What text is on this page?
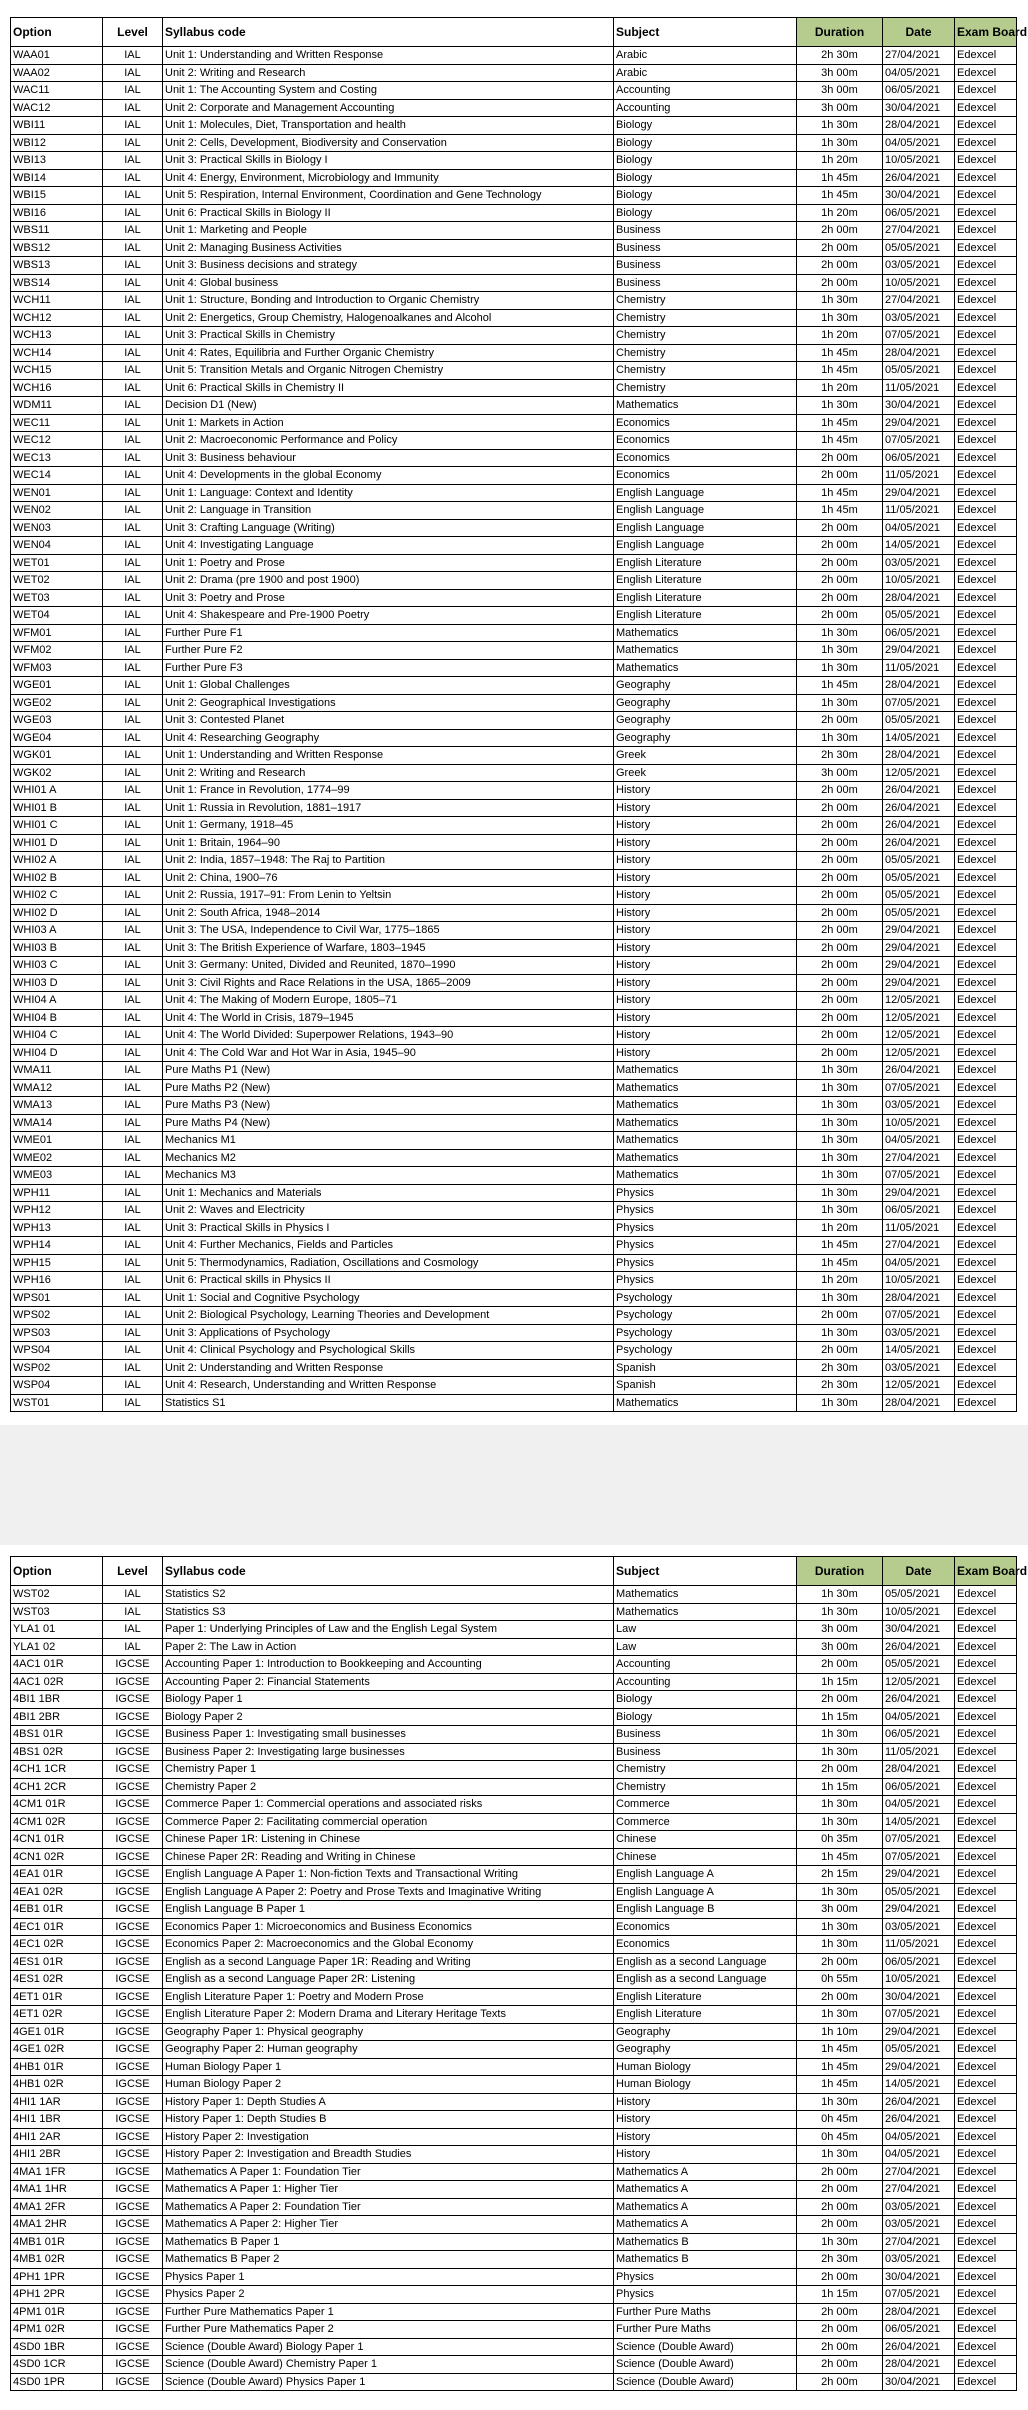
Option	Level	Syllabus code	Subject	Duration	Date	Exam Board
WAA01	IAL	Unit 1: Understanding and Written Response	Arabic	2h 30m	27/04/2021	Edexcel
WAA02	IAL	Unit 2: Writing and Research	Arabic	3h 00m	04/05/2021	Edexcel
WAC11	IAL	Unit 1: The Accounting System and Costing	Accounting	3h 00m	06/05/2021	Edexcel
WAC12	IAL	Unit 2: Corporate and Management Accounting	Accounting	3h 00m	30/04/2021	Edexcel
WBI11	IAL	Unit 1: Molecules, Diet, Transportation and health	Biology	1h 30m	28/04/2021	Edexcel
WBI12	IAL	Unit 2: Cells, Development, Biodiversity and Conservation	Biology	1h 30m	04/05/2021	Edexcel
WBI13	IAL	Unit 3: Practical Skills in Biology I	Biology	1h 20m	10/05/2021	Edexcel
WBI14	IAL	Unit 4: Energy, Environment, Microbiology and Immunity	Biology	1h 45m	26/04/2021	Edexcel
WBI15	IAL	Unit 5: Respiration, Internal Environment, Coordination and Gene Technology	Biology	1h 45m	30/04/2021	Edexcel
WBI16	IAL	Unit 6: Practical Skills in Biology II	Biology	1h 20m	06/05/2021	Edexcel
WBS11	IAL	Unit 1: Marketing and People	Business	2h 00m	27/04/2021	Edexcel
WBS12	IAL	Unit 2: Managing Business Activities	Business	2h 00m	05/05/2021	Edexcel
WBS13	IAL	Unit 3: Business decisions and strategy	Business	2h 00m	03/05/2021	Edexcel
WBS14	IAL	Unit 4: Global business	Business	2h 00m	10/05/2021	Edexcel
WCH11	IAL	Unit 1: Structure, Bonding and Introduction to Organic Chemistry	Chemistry	1h 30m	27/04/2021	Edexcel
WCH12	IAL	Unit 2: Energetics, Group Chemistry, Halogenoalkanes and Alcohol	Chemistry	1h 30m	03/05/2021	Edexcel
WCH13	IAL	Unit 3: Practical Skills in Chemistry	Chemistry	1h 20m	07/05/2021	Edexcel
WCH14	IAL	Unit 4: Rates, Equilibria and Further Organic Chemistry	Chemistry	1h 45m	28/04/2021	Edexcel
WCH15	IAL	Unit 5: Transition Metals and Organic Nitrogen Chemistry	Chemistry	1h 45m	05/05/2021	Edexcel
WCH16	IAL	Unit 6: Practical Skills in Chemistry II	Chemistry	1h 20m	11/05/2021	Edexcel
WDM11	IAL	Decision D1 (New)	Mathematics	1h 30m	30/04/2021	Edexcel
WEC11	IAL	Unit 1: Markets in Action	Economics	1h 45m	29/04/2021	Edexcel
WEC12	IAL	Unit 2: Macroeconomic Performance and Policy	Economics	1h 45m	07/05/2021	Edexcel
WEC13	IAL	Unit 3: Business behaviour	Economics	2h 00m	06/05/2021	Edexcel
WEC14	IAL	Unit 4: Developments in the global Economy	Economics	2h 00m	11/05/2021	Edexcel
WEN01	IAL	Unit 1: Language: Context and Identity	English Language	1h 45m	29/04/2021	Edexcel
WEN02	IAL	Unit 2: Language in Transition	English Language	1h 45m	11/05/2021	Edexcel
WEN03	IAL	Unit 3: Crafting Language (Writing)	English Language	2h 00m	04/05/2021	Edexcel
WEN04	IAL	Unit 4: Investigating Language	English Language	2h 00m	14/05/2021	Edexcel
WET01	IAL	Unit 1: Poetry and Prose	English Literature	2h 00m	03/05/2021	Edexcel
WET02	IAL	Unit 2: Drama (pre 1900 and post 1900)	English Literature	2h 00m	10/05/2021	Edexcel
WET03	IAL	Unit 3: Poetry and Prose	English Literature	2h 00m	28/04/2021	Edexcel
WET04	IAL	Unit 4: Shakespeare and Pre-1900 Poetry	English Literature	2h 00m	05/05/2021	Edexcel
WFM01	IAL	Further Pure F1	Mathematics	1h 30m	06/05/2021	Edexcel
WFM02	IAL	Further Pure F2	Mathematics	1h 30m	29/04/2021	Edexcel
WFM03	IAL	Further Pure F3	Mathematics	1h 30m	11/05/2021	Edexcel
WGE01	IAL	Unit 1: Global Challenges	Geography	1h 45m	28/04/2021	Edexcel
WGE02	IAL	Unit 2: Geographical Investigations	Geography	1h 30m	07/05/2021	Edexcel
WGE03	IAL	Unit 3: Contested Planet	Geography	2h 00m	05/05/2021	Edexcel
WGE04	IAL	Unit 4: Researching Geography	Geography	1h 30m	14/05/2021	Edexcel
WGK01	IAL	Unit 1: Understanding and Written Response	Greek	2h 30m	28/04/2021	Edexcel
WGK02	IAL	Unit 2: Writing and Research	Greek	3h 00m	12/05/2021	Edexcel
WHI01 A	IAL	Unit 1: France in Revolution, 1774–99	History	2h 00m	26/04/2021	Edexcel
WHI01 B	IAL	Unit 1: Russia in Revolution, 1881–1917	History	2h 00m	26/04/2021	Edexcel
WHI01 C	IAL	Unit 1: Germany, 1918–45	History	2h 00m	26/04/2021	Edexcel
WHI01 D	IAL	Unit 1: Britain, 1964–90	History	2h 00m	26/04/2021	Edexcel
WHI02 A	IAL	Unit 2: India, 1857–1948: The Raj to Partition	History	2h 00m	05/05/2021	Edexcel
WHI02 B	IAL	Unit 2: China, 1900–76	History	2h 00m	05/05/2021	Edexcel
WHI02 C	IAL	Unit 2: Russia, 1917–91: From Lenin to Yeltsin	History	2h 00m	05/05/2021	Edexcel
WHI02 D	IAL	Unit 2: South Africa, 1948–2014	History	2h 00m	05/05/2021	Edexcel
WHI03 A	IAL	Unit 3: The USA, Independence to Civil War, 1775–1865	History	2h 00m	29/04/2021	Edexcel
WHI03 B	IAL	Unit 3: The British Experience of Warfare, 1803–1945	History	2h 00m	29/04/2021	Edexcel
WHI03 C	IAL	Unit 3: Germany: United, Divided and Reunited, 1870–1990	History	2h 00m	29/04/2021	Edexcel
WHI03 D	IAL	Unit 3: Civil Rights and Race Relations in the USA, 1865–2009	History	2h 00m	29/04/2021	Edexcel
WHI04 A	IAL	Unit 4: The Making of Modern Europe, 1805–71	History	2h 00m	12/05/2021	Edexcel
WHI04 B	IAL	Unit 4: The World in Crisis, 1879–1945	History	2h 00m	12/05/2021	Edexcel
WHI04 C	IAL	Unit 4: The World Divided: Superpower Relations, 1943–90	History	2h 00m	12/05/2021	Edexcel
WHI04 D	IAL	Unit 4: The Cold War and Hot War in Asia, 1945–90	History	2h 00m	12/05/2021	Edexcel
WMA11	IAL	Pure Maths P1 (New)	Mathematics	1h 30m	26/04/2021	Edexcel
WMA12	IAL	Pure Maths P2 (New)	Mathematics	1h 30m	07/05/2021	Edexcel
WMA13	IAL	Pure Maths P3 (New)	Mathematics	1h 30m	03/05/2021	Edexcel
WMA14	IAL	Pure Maths P4 (New)	Mathematics	1h 30m	10/05/2021	Edexcel
WME01	IAL	Mechanics M1	Mathematics	1h 30m	04/05/2021	Edexcel
WME02	IAL	Mechanics M2	Mathematics	1h 30m	27/04/2021	Edexcel
WME03	IAL	Mechanics M3	Mathematics	1h 30m	07/05/2021	Edexcel
WPH11	IAL	Unit 1: Mechanics and Materials	Physics	1h 30m	29/04/2021	Edexcel
WPH12	IAL	Unit 2: Waves and Electricity	Physics	1h 30m	06/05/2021	Edexcel
WPH13	IAL	Unit 3: Practical Skills in Physics I	Physics	1h 20m	11/05/2021	Edexcel
WPH14	IAL	Unit 4: Further Mechanics, Fields and Particles	Physics	1h 45m	27/04/2021	Edexcel
WPH15	IAL	Unit 5: Thermodynamics, Radiation, Oscillations and Cosmology	Physics	1h 45m	04/05/2021	Edexcel
WPH16	IAL	Unit 6: Practical skills in Physics II	Physics	1h 20m	10/05/2021	Edexcel
WPS01	IAL	Unit 1: Social and Cognitive Psychology	Psychology	1h 30m	28/04/2021	Edexcel
WPS02	IAL	Unit 2: Biological Psychology, Learning Theories and Development	Psychology	2h 00m	07/05/2021	Edexcel
WPS03	IAL	Unit 3: Applications of Psychology	Psychology	1h 30m	03/05/2021	Edexcel
WPS04	IAL	Unit 4: Clinical Psychology and Psychological Skills	Psychology	2h 00m	14/05/2021	Edexcel
WSP02	IAL	Unit 2: Understanding and Written Response	Spanish	2h 30m	03/05/2021	Edexcel
WSP04	IAL	Unit 4: Research, Understanding and Written Response	Spanish	2h 30m	12/05/2021	Edexcel
WST01	IAL	Statistics S1	Mathematics	1h 30m	28/04/2021	Edexcel
Option	Level	Syllabus code	Subject	Duration	Date	Exam Board
WST02	IAL	Statistics S2	Mathematics	1h 30m	05/05/2021	Edexcel
WST03	IAL	Statistics S3	Mathematics	1h 30m	10/05/2021	Edexcel
YLA1 01	IAL	Paper 1: Underlying Principles of Law and the English Legal System	Law	3h 00m	30/04/2021	Edexcel
YLA1 02	IAL	Paper 2: The Law in Action	Law	3h 00m	26/04/2021	Edexcel
4AC1 01R	IGCSE	Accounting Paper 1: Introduction to Bookkeeping and Accounting	Accounting	2h 00m	05/05/2021	Edexcel
4AC1 02R	IGCSE	Accounting Paper 2: Financial Statements	Accounting	1h 15m	12/05/2021	Edexcel
4BI1 1BR	IGCSE	Biology Paper 1	Biology	2h 00m	26/04/2021	Edexcel
4BI1 2BR	IGCSE	Biology Paper 2	Biology	1h 15m	04/05/2021	Edexcel
4BS1 01R	IGCSE	Business Paper 1: Investigating small businesses	Business	1h 30m	06/05/2021	Edexcel
4BS1 02R	IGCSE	Business Paper 2: Investigating large businesses	Business	1h 30m	11/05/2021	Edexcel
4CH1 1CR	IGCSE	Chemistry Paper 1	Chemistry	2h 00m	28/04/2021	Edexcel
4CH1 2CR	IGCSE	Chemistry Paper 2	Chemistry	1h 15m	06/05/2021	Edexcel
4CM1 01R	IGCSE	Commerce Paper 1: Commercial operations and associated risks	Commerce	1h 30m	04/05/2021	Edexcel
4CM1 02R	IGCSE	Commerce Paper 2: Facilitating commercial operation	Commerce	1h 30m	14/05/2021	Edexcel
4CN1 01R	IGCSE	Chinese Paper 1R: Listening in Chinese	Chinese	0h 35m	07/05/2021	Edexcel
4CN1 02R	IGCSE	Chinese Paper 2R: Reading and Writing in Chinese	Chinese	1h 45m	07/05/2021	Edexcel
4EA1 01R	IGCSE	English Language A Paper 1: Non-fiction Texts and Transactional Writing	English Language A	2h 15m	29/04/2021	Edexcel
4EA1 02R	IGCSE	English Language A Paper 2: Poetry and Prose Texts and Imaginative Writing	English Language A	1h 30m	05/05/2021	Edexcel
4EB1 01R	IGCSE	English Language B Paper 1	English Language B	3h 00m	29/04/2021	Edexcel
4EC1 01R	IGCSE	Economics Paper 1: Microeconomics and Business Economics	Economics	1h 30m	03/05/2021	Edexcel
4EC1 02R	IGCSE	Economics Paper 2: Macroeconomics and the Global Economy	Economics	1h 30m	11/05/2021	Edexcel
4ES1 01R	IGCSE	English as a second Language Paper 1R: Reading and Writing	English as a second Language	2h 00m	06/05/2021	Edexcel
4ES1 02R	IGCSE	English as a second Language Paper 2R: Listening	English as a second Language	0h 55m	10/05/2021	Edexcel
4ET1 01R	IGCSE	English Literature Paper 1: Poetry and Modern Prose	English Literature	2h 00m	30/04/2021	Edexcel
4ET1 02R	IGCSE	English Literature Paper 2: Modern Drama and Literary Heritage Texts	English Literature	1h 30m	07/05/2021	Edexcel
4GE1 01R	IGCSE	Geography Paper 1: Physical geography	Geography	1h 10m	29/04/2021	Edexcel
4GE1 02R	IGCSE	Geography Paper 2: Human geography	Geography	1h 45m	05/05/2021	Edexcel
4HB1 01R	IGCSE	Human Biology Paper 1	Human Biology	1h 45m	29/04/2021	Edexcel
4HB1 02R	IGCSE	Human Biology Paper 2	Human Biology	1h 45m	14/05/2021	Edexcel
4HI1 1AR	IGCSE	History Paper 1: Depth Studies A	History	1h 30m	26/04/2021	Edexcel
4HI1 1BR	IGCSE	History Paper 1: Depth Studies B	History	0h 45m	26/04/2021	Edexcel
4HI1 2AR	IGCSE	History Paper 2: Investigation	History	0h 45m	04/05/2021	Edexcel
4HI1 2BR	IGCSE	History Paper 2: Investigation and Breadth Studies	History	1h 30m	04/05/2021	Edexcel
4MA1 1FR	IGCSE	Mathematics A Paper 1: Foundation Tier	Mathematics A	2h 00m	27/04/2021	Edexcel
4MA1 1HR	IGCSE	Mathematics A Paper 1: Higher Tier	Mathematics A	2h 00m	27/04/2021	Edexcel
4MA1 2FR	IGCSE	Mathematics A Paper 2: Foundation Tier	Mathematics A	2h 00m	03/05/2021	Edexcel
4MA1 2HR	IGCSE	Mathematics A Paper 2: Higher Tier	Mathematics A	2h 00m	03/05/2021	Edexcel
4MB1 01R	IGCSE	Mathematics B Paper 1	Mathematics B	1h 30m	27/04/2021	Edexcel
4MB1 02R	IGCSE	Mathematics B Paper 2	Mathematics B	2h 30m	03/05/2021	Edexcel
4PH1 1PR	IGCSE	Physics Paper 1	Physics	2h 00m	30/04/2021	Edexcel
4PH1 2PR	IGCSE	Physics Paper 2	Physics	1h 15m	07/05/2021	Edexcel
4PM1 01R	IGCSE	Further Pure Mathematics Paper 1	Further Pure Maths	2h 00m	28/04/2021	Edexcel
4PM1 02R	IGCSE	Further Pure Mathematics Paper 2	Further Pure Maths	2h 00m	06/05/2021	Edexcel
4SD0 1BR	IGCSE	Science (Double Award) Biology Paper 1	Science (Double Award)	2h 00m	26/04/2021	Edexcel
4SD0 1CR	IGCSE	Science (Double Award) Chemistry Paper 1	Science (Double Award)	2h 00m	28/04/2021	Edexcel
4SD0 1PR	IGCSE	Science (Double Award) Physics Paper 1	Science (Double Award)	2h 00m	30/04/2021	Edexcel
